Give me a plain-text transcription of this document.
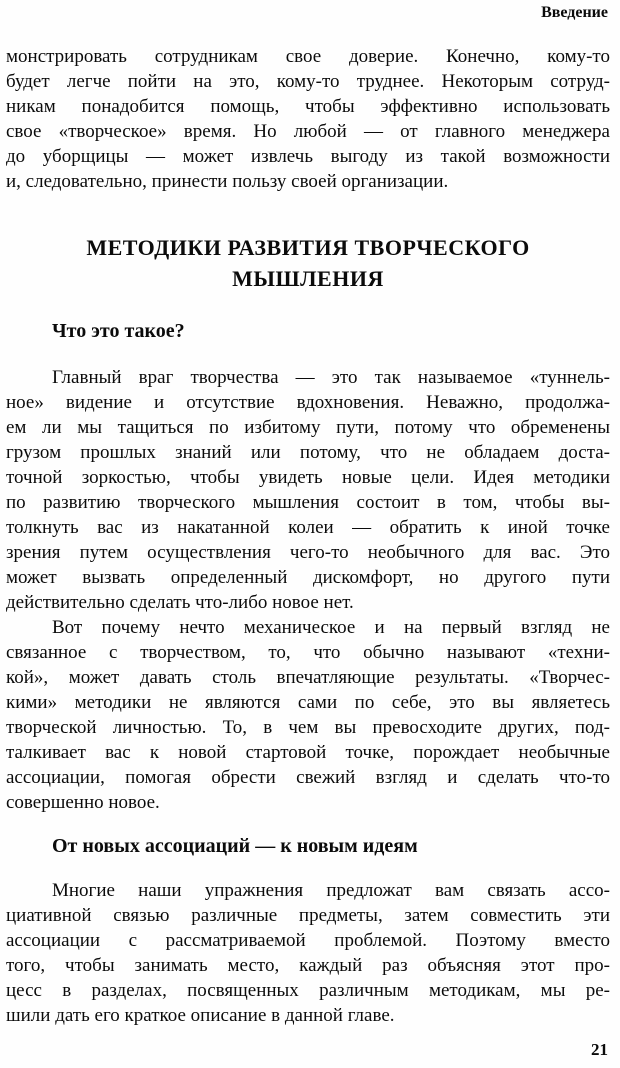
Введение
монстрировать сотрудникам свое доверие. Конечно, кому-то
будет легче пойти на это, кому-то труднее. Некоторым сотруд-
никам понадобится помощь, чтобы эффективно использовать
свое «творческое» время. Но любой — от главного менеджера
до уборщицы — может извлечь выгоду из такой возможности
и, следовательно, принести пользу своей организации.
МЕТОДИКИ РАЗВИТИЯ ТВОРЧЕСКОГО
МЫШЛЕНИЯ
Что это такое?
Главный враг творчества — это так называемое «туннель-
ное» видение и отсутствие вдохновения. Неважно, продолжа-
ем ли мы тащиться по избитому пути, потому что обременены
грузом прошлых знаний или потому, что не обладаем доста-
точной зоркостью, чтобы увидеть новые цели. Идея методики
по развитию творческого мышления состоит в том, чтобы вы-
толкнуть вас из накатанной колеи — обратить к иной точке
зрения путем осуществления чего-то необычного для вас. Это
может вызвать определенный дискомфорт, но другого пути
действительно сделать что-либо новое нет.
Вот почему нечто механическое и на первый взгляд не
связанное с творчеством, то, что обычно называют «техни-
кой», может давать столь впечатляющие результаты. «Творчес-
кими» методики не являются сами по себе, это вы являетесь
творческой личностью. То, в чем вы превосходите других, под-
талкивает вас к новой стартовой точке, порождает необычные
ассоциации, помогая обрести свежий взгляд и сделать что-то
совершенно новое.
От новых ассоциаций — к новым идеям
Многие наши упражнения предложат вам связать ассо-
циативной связью различные предметы, затем совместить эти
ассоциации с рассматриваемой проблемой. Поэтому вместо
того, чтобы занимать место, каждый раз объясняя этот про-
цесс в разделах, посвященных различным методикам, мы ре-
шили дать его краткое описание в данной главе.
21
